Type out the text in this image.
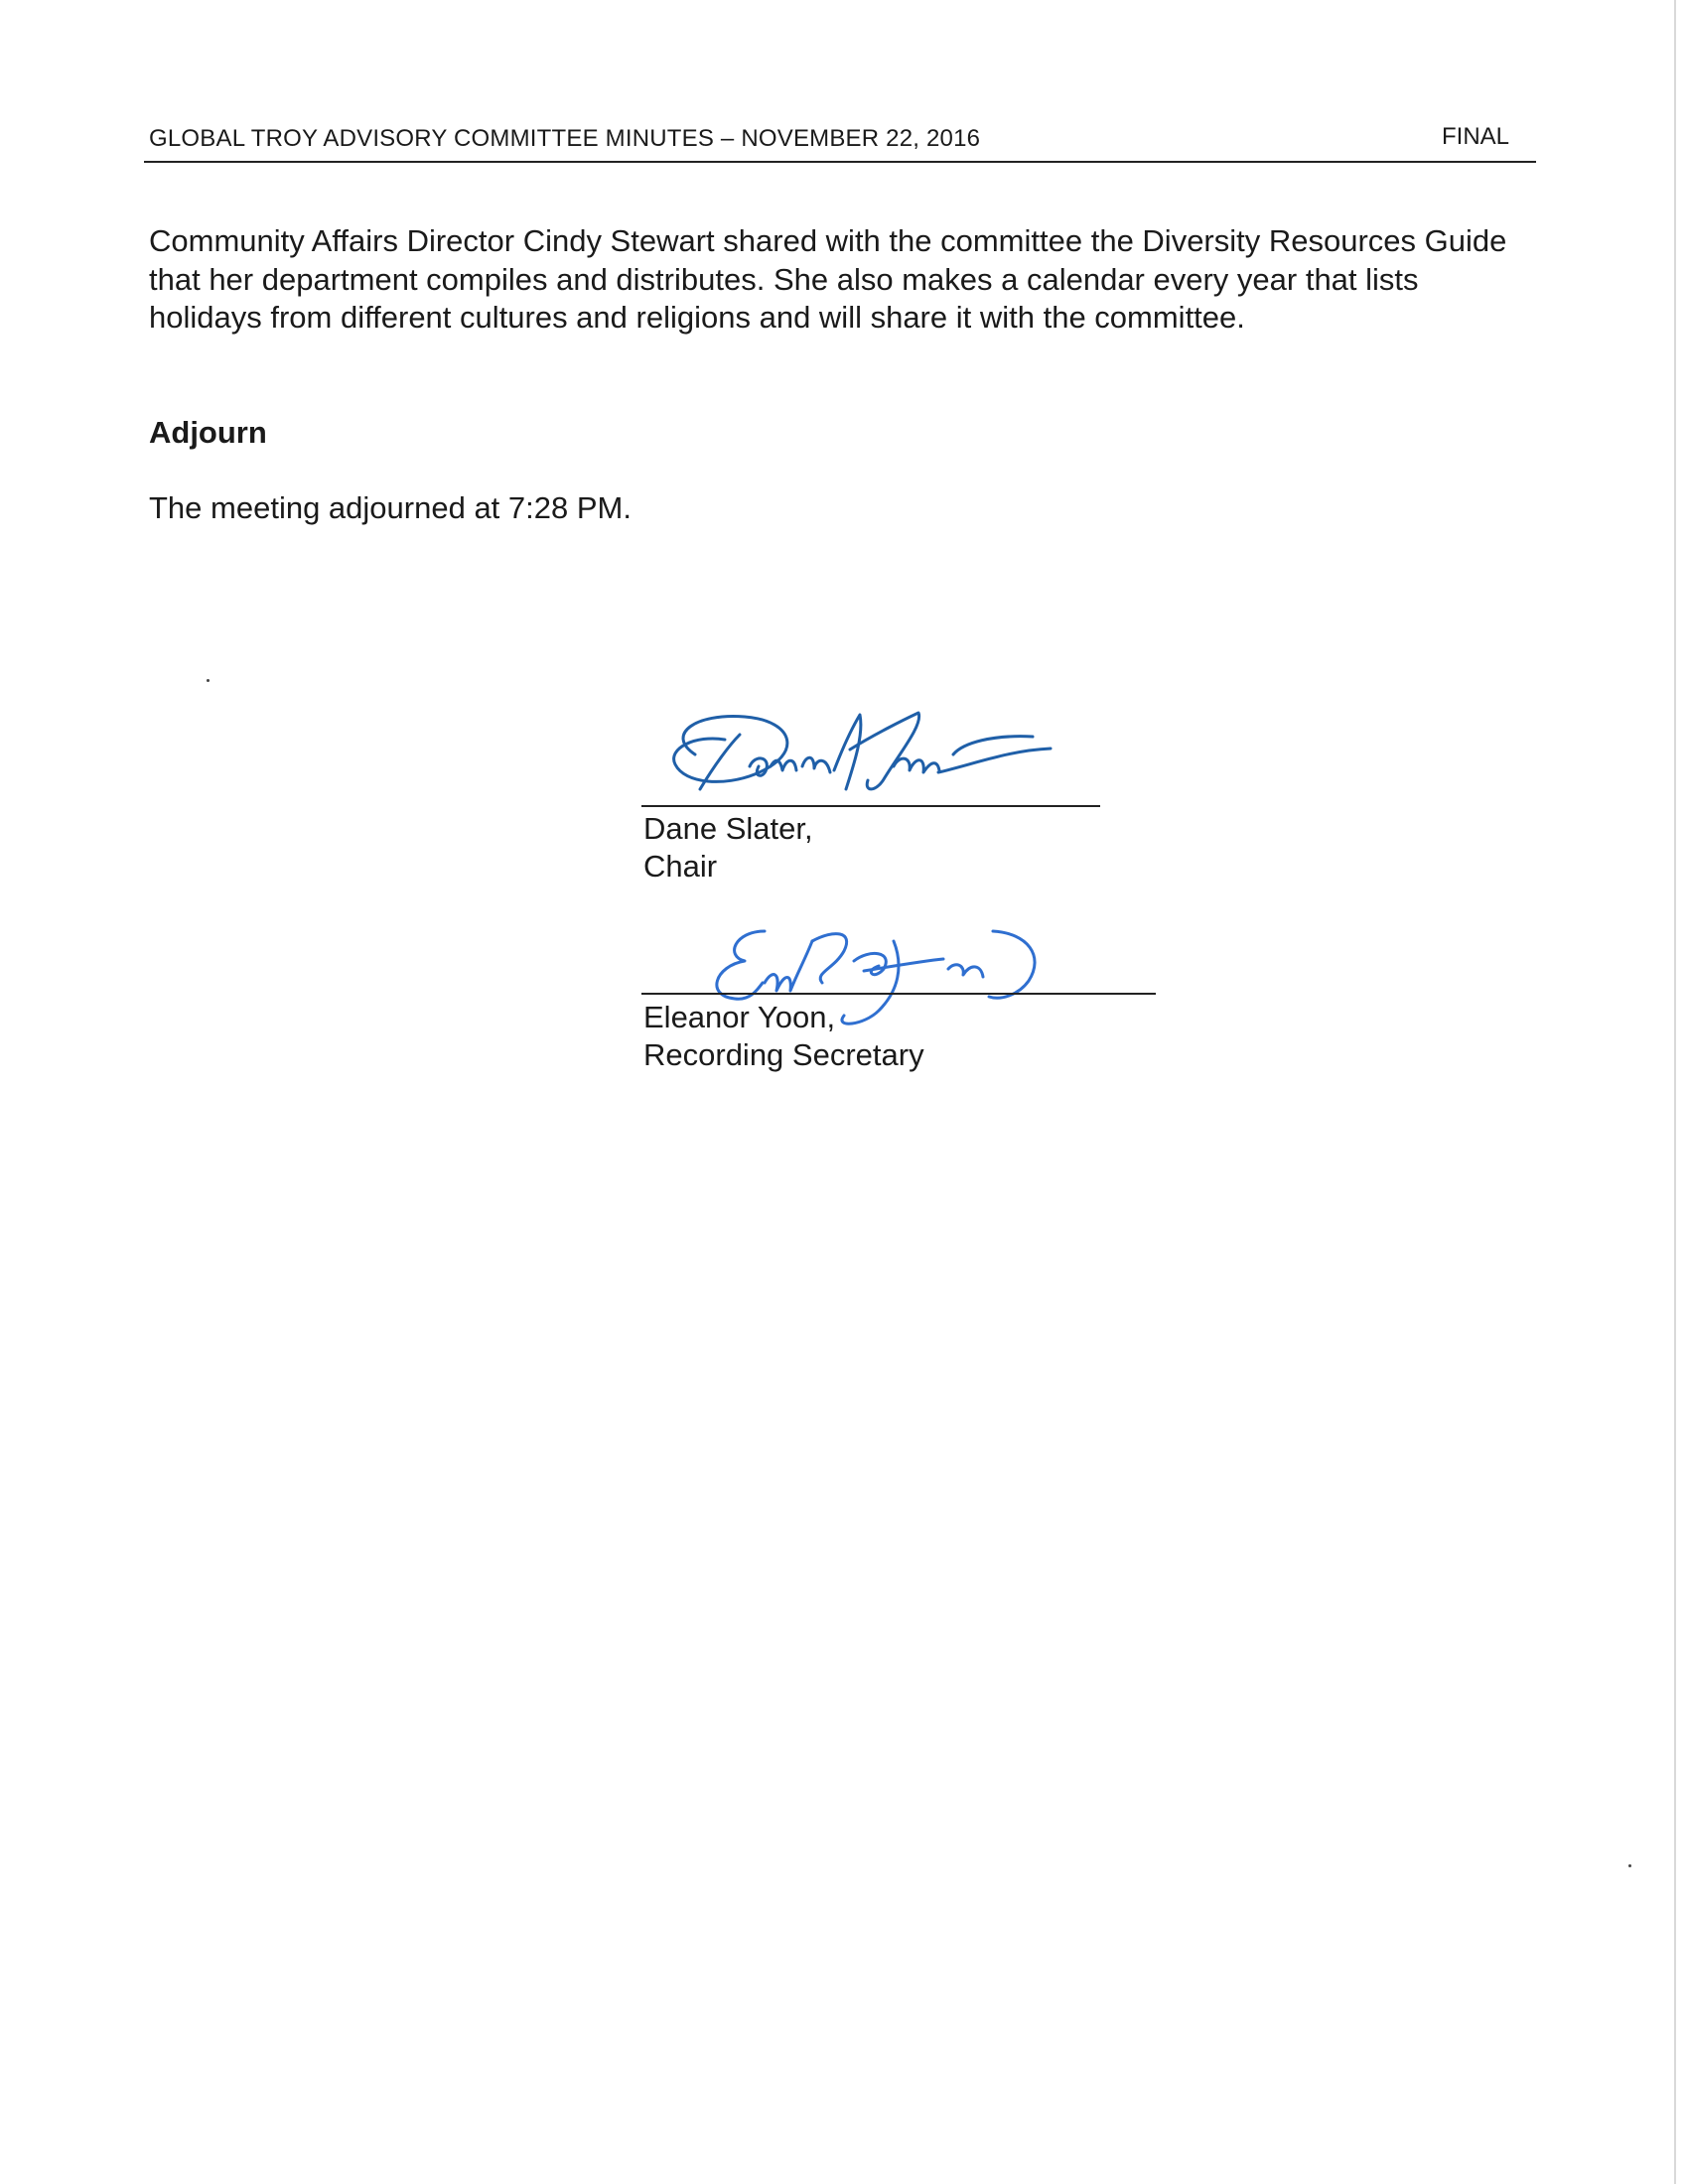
GLOBAL TROY ADVISORY COMMITTEE MINUTES – NOVEMBER 22, 2016	FINAL

Community Affairs Director Cindy Stewart shared with the committee the Diversity Resources Guide that her department compiles and distributes. She also makes a calendar every year that lists holidays from different cultures and religions and will share it with the committee.

Adjourn

The meeting adjourned at 7:28 PM.

Dane Slater,
Chair
Eleanor Yoon,
Recording Secretary
